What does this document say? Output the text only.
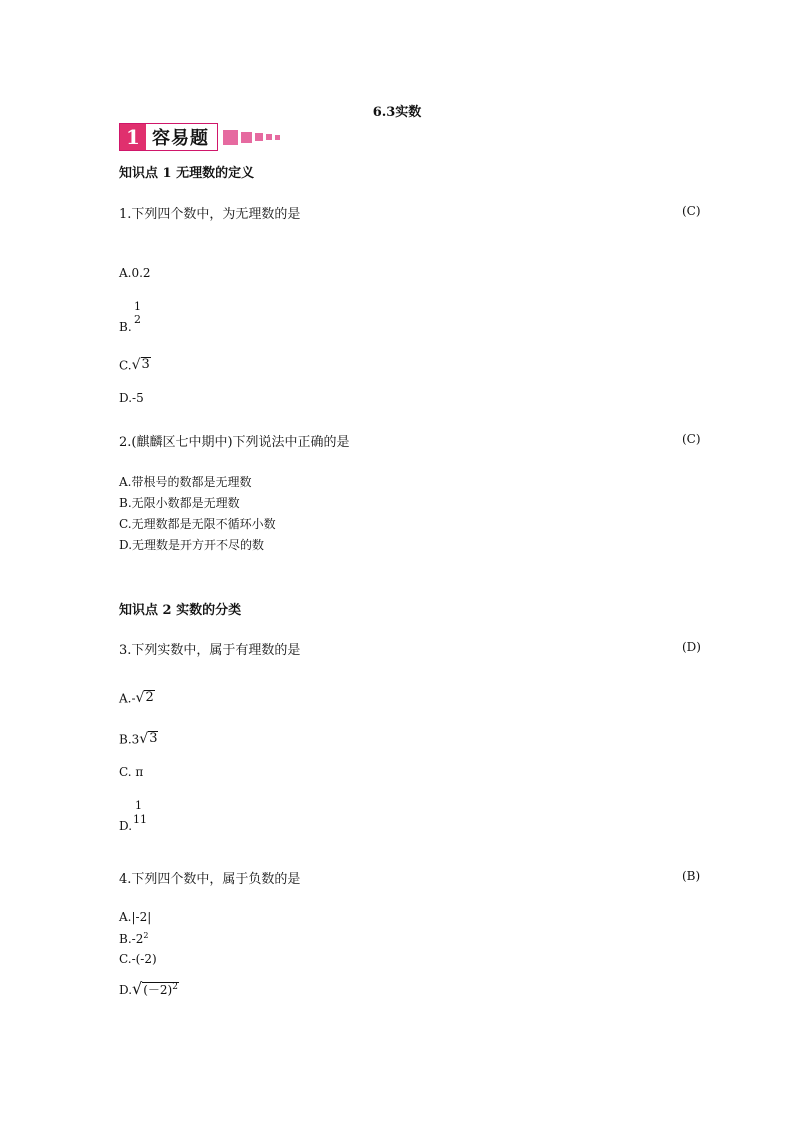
6.3实数
1 容易题
知识点 1 无理数的定义
1.下列四个数中，为无理数的是	(C)
A.0.2
B.
1
2
C. √ 3
D.-5
2.(麒麟区七中期中)下列说法中正确的是	(C)
A.带根号的数都是无理数
B.无限小数都是无理数
C.无理数都是无限不循环小数
D.无理数是开方开不尽的数
知识点 2 实数的分类
3.下列实数中，属于有理数的是	(D)
A.- √ 2
B.3 √ 3
C. π
D.
1
11
4.下列四个数中，属于负数的是	(B)
A.|-2|
$B.-2^2$
C.-(-2)
D. √ $(-2)^2$
